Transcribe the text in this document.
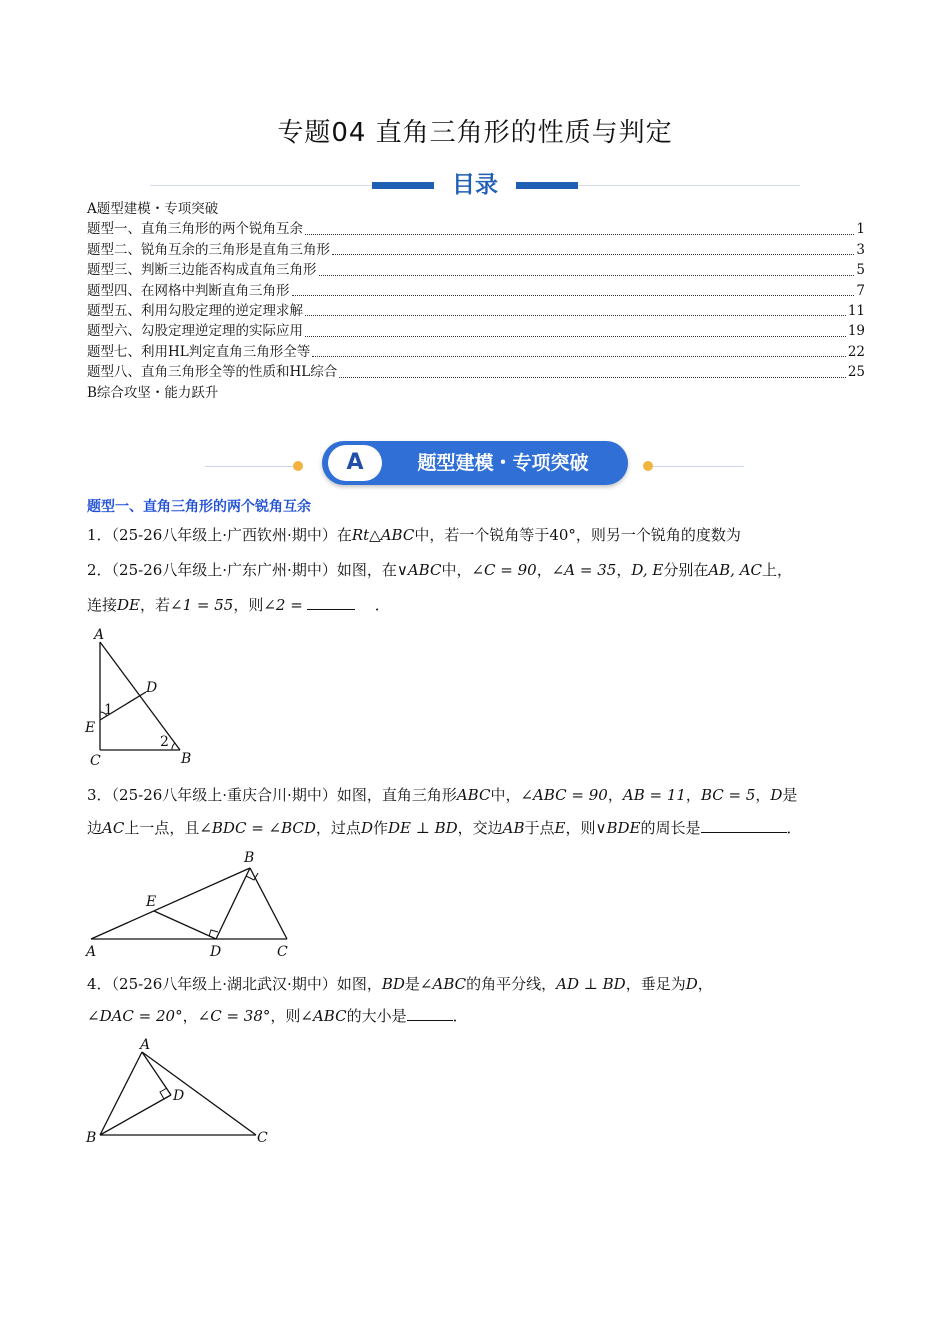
专题04 直角三角形的性质与判定
目录
A题型建模・专项突破
题型一、直角三角形的两个锐角互余	1
题型二、锐角互余的三角形是直角三角形	3
题型三、判断三边能否构成直角三角形	5
题型四、在网格中判断直角三角形	7
题型五、利用勾股定理的逆定理求解	11
题型六、勾股定理逆定理的实际应用	19
题型七、利用HL判定直角三角形全等	22
题型八、直角三角形全等的性质和HL综合	25
B综合攻坚・能力跃升
A	题型建模・专项突破
题型一、直角三角形的两个锐角互余
1．（25-26八年级上·广西钦州·期中）在Rt△ABC中，若一个锐角等于40°，则另一个锐角的度数为
2．（25-26八年级上·广东广州·期中）如图，在∨ABC中，∠C = 90，∠A = 35，D, E分别在AB, AC上，
连接DE，若∠1 = 55，则∠2 =	．
A
D
E
C	B
1
2
3．（25-26八年级上·重庆合川·期中）如图，直角三角形ABC中，∠ABC = 90，AB = 11，BC = 5，D是
边AC上一点，且∠BDC = ∠BCD，过点D作DE ⊥ BD，交边AB于点E，则∨BDE的周长是	．
B
E
A	D	C
4．（25-26八年级上·湖北武汉·期中）如图，BD是∠ABC的角平分线，AD ⊥ BD，垂足为D，
∠DAC = 20°，∠C = 38°，则∠ABC的大小是	．
A
D
B	C
